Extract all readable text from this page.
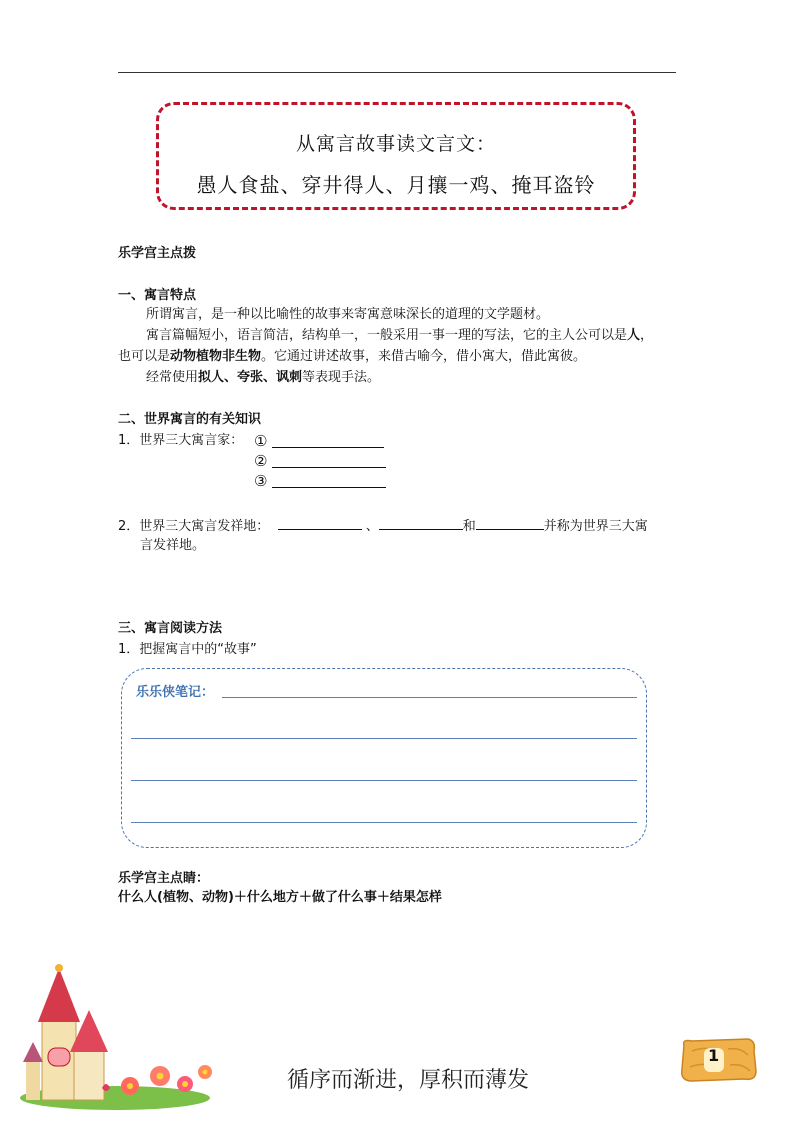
从寓言故事读文言文：
愚人食盐、穿井得人、月攘一鸡、掩耳盗铃
乐学宫主点拨
一、寓言特点
所谓寓言，是一种以比喻性的故事来寄寓意味深长的道理的文学题材。
寓言篇幅短小，语言简洁，结构单一，一般采用一事一理的写法，它的主人公可以是人，
也可以是动物植物非生物。它通过讲述故事，来借古喻今，借小寓大，借此寓彼。
经常使用拟人、夸张、讽刺等表现手法。
二、世界寓言的有关知识
1．世界三大寓言家： ①
②
③
2．世界三大寓言发祥地：	、	和	并称为世界三大寓
言发祥地。
三、寓言阅读方法
1．把握寓言中的“故事”
乐乐侠笔记：
乐学宫主点睛：
什么人(植物、动物)＋什么地方＋做了什么事＋结果怎样
循序而渐进，厚积而薄发
1
